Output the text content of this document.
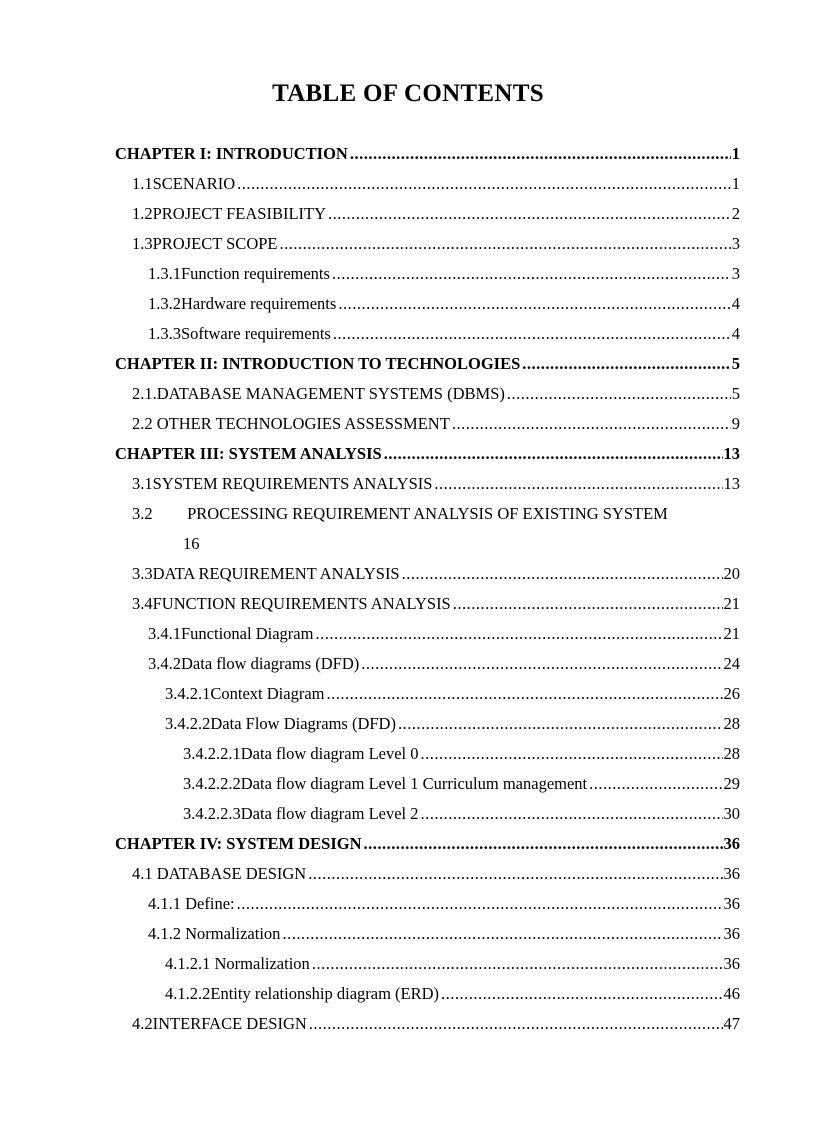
TABLE OF CONTENTS
CHAPTER I: INTRODUCTION .....	1
1.1 SCENARIO .....	1
1.2 PROJECT FEASIBILITY .....	2
1.3 PROJECT SCOPE .....	3
1.3.1 Function requirements .....	3
1.3.2 Hardware requirements .....	4
1.3.3 Software requirements .....	4
CHAPTER II: INTRODUCTION TO TECHNOLOGIES .....	5
2.1. DATABASE MANAGEMENT SYSTEMS (DBMS) .....	5
2.2 OTHER TECHNOLOGIES ASSESSMENT .....	9
CHAPTER III: SYSTEM ANALYSIS .....	13
3.1 SYSTEM REQUIREMENTS ANALYSIS .....	13
3.2 PROCESSING REQUIREMENT ANALYSIS OF EXISTING SYSTEM
16
3.3 DATA REQUIREMENT ANALYSIS .....	20
3.4 FUNCTION REQUIREMENTS ANALYSIS .....	21
3.4.1 Functional Diagram .....	21
3.4.2 Data flow diagrams (DFD) .....	24
3.4.2.1 Context Diagram .....	26
3.4.2.2 Data Flow Diagrams (DFD) .....	28
3.4.2.2.1 Data flow diagram Level 0 .....	28
3.4.2.2.2 Data flow diagram Level 1 Curriculum management .....	29
3.4.2.2.3 Data flow diagram Level 2 .....	30
CHAPTER IV: SYSTEM DESIGN .....	36
4.1 DATABASE DESIGN .....	36
4.1.1 Define: .....	36
4.1.2 Normalization .....	36
4.1.2.1 Normalization .....	36
4.1.2.2 Entity relationship diagram (ERD) .....	46
4.2 INTERFACE DESIGN .....	47
